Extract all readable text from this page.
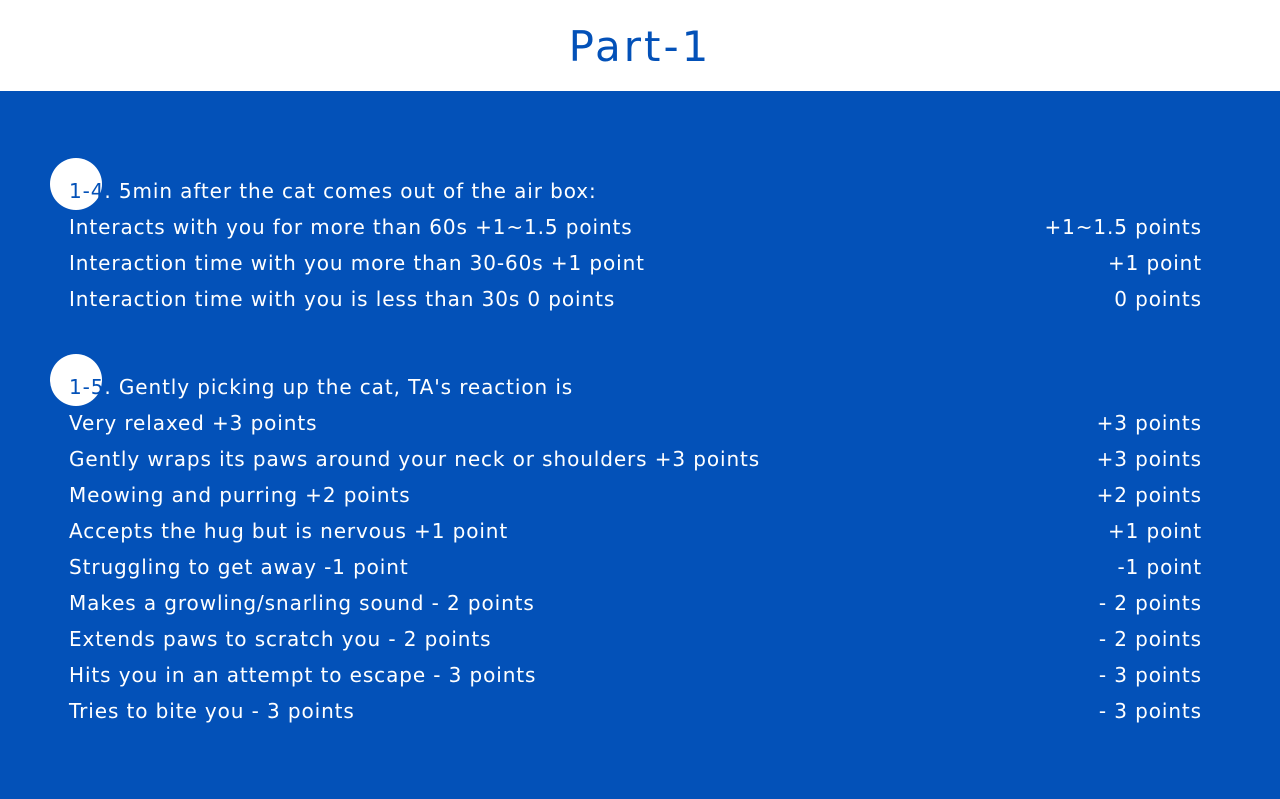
Part-1
1-4 . 5min after the cat comes out of the air box:
Interacts with you for more than 60s +1~1.5 points	+1~1.5 points
Interaction time with you more than 30-60s +1 point	+1 point
Interaction time with you is less than 30s 0 points	0 points
1-5 . Gently picking up the cat, TA's reaction is
Very relaxed +3 points	+3 points
Gently wraps its paws around your neck or shoulders +3 points	+3 points
Meowing and purring +2 points	+2 points
Accepts the hug but is nervous +1 point	+1 point
Struggling to get away -1 point	-1 point
Makes a growling/snarling sound - 2 points	- 2 points
Extends paws to scratch you - 2 points	- 2 points
Hits you in an attempt to escape - 3 points	- 3 points
Tries to bite you - 3 points	- 3 points
